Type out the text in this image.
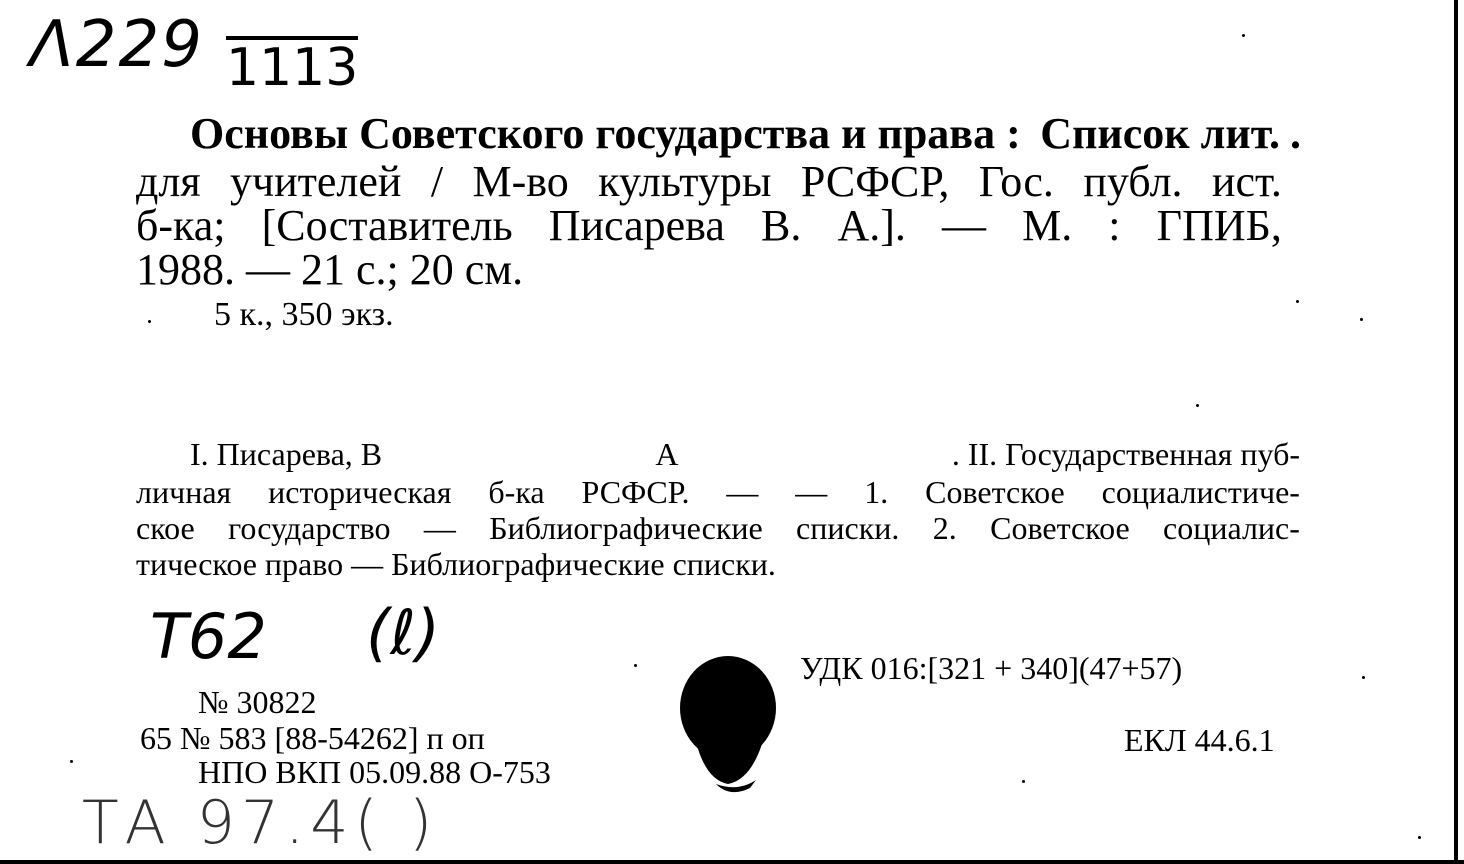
Λ229 1113
Основы Советского государства и права : Список лит. .
для учителей / М-во культуры РСФСР, Гос. публ. ист.
б-ка; [Составитель Писарева В. А.]. — М. : ГПИБ,
1988. — 21 с.; 20 см.
5 к., 350 экз.
I. Писарева, В	А	. II. Государственная пуб-
личная историческая б-ка РСФСР. — — 1. Советское социалистиче-
ское государство — Библиографические списки. 2. Советское социалис-
тическое право — Библиографические списки.
Т62 (ℓ)
№ 30822
65 № 583 [88-54262] п оп
НПО ВКП 05.09.88 О-753
УДК 016:[321 + 340](47+57)
ЕКЛ 44.6.1
ТА 97.4( )
